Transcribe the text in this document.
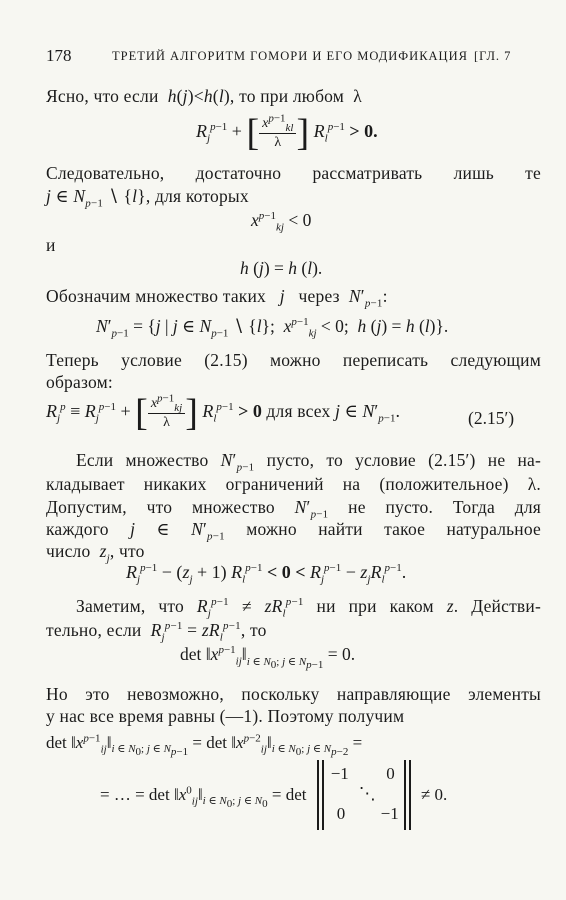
178	ТРЕТИЙ АЛГОРИТМ ГОМОРИ И ЕГО МОДИФИКАЦИЯ [ГЛ. 7
Ясно, что если h(j)<h(l), то при любом  λ
$R_j^{p-1}$ + [ $\frac{x^{p-1}_{kl}}{\lambda}$ ] $R_l^{p-1} > 0$.
Следовательно, достаточно рассматривать лишь те
j ∈ $N_{p-1}$ ∖ {l}, для которых
$x^{p-1}_{kj} < 0$
и
h (j) = h (l).
Обозначим множество таких j через $N'_{p-1}$:
$N'_{p-1} = \{j$ | j ∈ $N_{p-1}$ ∖ {l};  $x^{p-1}_{kj} < 0$;  h (j) = h (l)}.
Теперь условие (2.15) можно переписать следующим
образом:
$R_j^p \equiv R_j^{p-1}$ + [ $\frac{x^{p-1}_{kj}}{\lambda}$ ] $R_l^{p-1} > 0$ для всех j ∈ $N'_{p-1}$.	(2.15′)
Если множество $N'_{p-1}$ пусто, то условие (2.15′) не на-
кладывает никаких ограничений на (положительное) λ.
Допустим, что множество $N'_{p-1}$ не пусто. Тогда для
каждого j ∈ $N'_{p-1}$ можно найти такое натуральное
число $z_j$, что
$R_j^{p-1} - (z_j + 1) R_l^{p-1} < 0 < R_j^{p-1} - z_jR_l^{p-1}$.
Заметим, что $R_j^{p-1} \ne zR_l^{p-1}$ ни при каком z. Действи-
тельно, если $R_j^{p-1} = zR_l^{p-1}$, то
$\det ‖x^{p-1}_{ij}‖_{i \in N_0; j \in N_{p-1}} = 0$.
Но это невозможно, поскольку направляющие элементы
у нас все время равны (—1). Поэтому получим
$\det ‖x^{p-1}_{ij}‖_{i \in N_0; j \in N_{p-1}} = \det$ $‖x^{p-2}_{ij}‖_{i \in N_0; j \in N_{p-2}}$ =
= … = $\det ‖x^0_{ij}‖_{i \in N_0; j \in N_0} = \det$
−1 0
⋱
0 −1
≠ 0.
